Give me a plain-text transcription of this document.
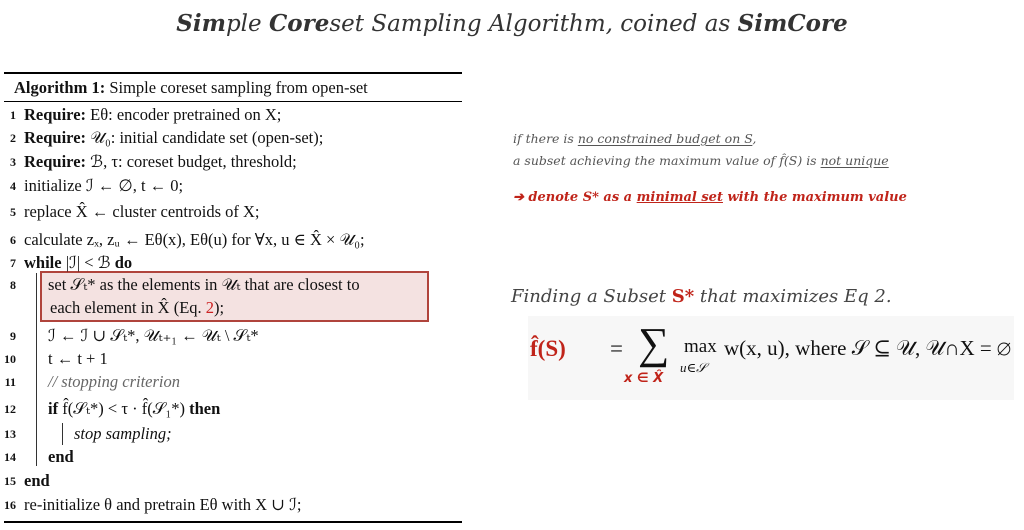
Simple Coreset Sampling Algorithm, coined as SimCore
Algorithm 1: Simple coreset sampling from open-set
1 Require: Eθ: encoder pretrained on X;
2 Require: 𝒰₀: initial candidate set (open-set);
3 Require: ℬ, τ: coreset budget, threshold;
4 initialize ℐ ← ∅, t ← 0;
5 replace X̂ ← cluster centroids of X;
6 calculate zₓ, zᵤ ← Eθ(x), Eθ(u) for ∀x, u ∈ X̂ × 𝒰₀;
7 while |ℐ| < ℬ do
8 set 𝒮ₜ* as the elements in 𝒰ₜ that are closest to
each element in X̂ (Eq. 2);
9 ℐ ← ℐ ∪ 𝒮ₜ*, 𝒰ₜ₊₁ ← 𝒰ₜ \ 𝒮ₜ*
10 t ← t + 1
11 // stopping criterion
12 if f̂(𝒮ₜ*) < τ · f̂(𝒮₁*) then
13	stop sampling;
14 end
15 end
16 re-initialize θ and pretrain Eθ with X ∪ ℐ;
if there is no constrained budget on S,
a subset achieving the maximum value of f̂(S) is not unique
➔ denote S* as a minimal set with the maximum value
Finding a Subset S* that maximizes Eq 2.
f̂(S) = ∑
x ∈ X̂
max
u∈𝒮
w(x, u), where 𝒮 ⊆ 𝒰, 𝒰∩X = ∅
